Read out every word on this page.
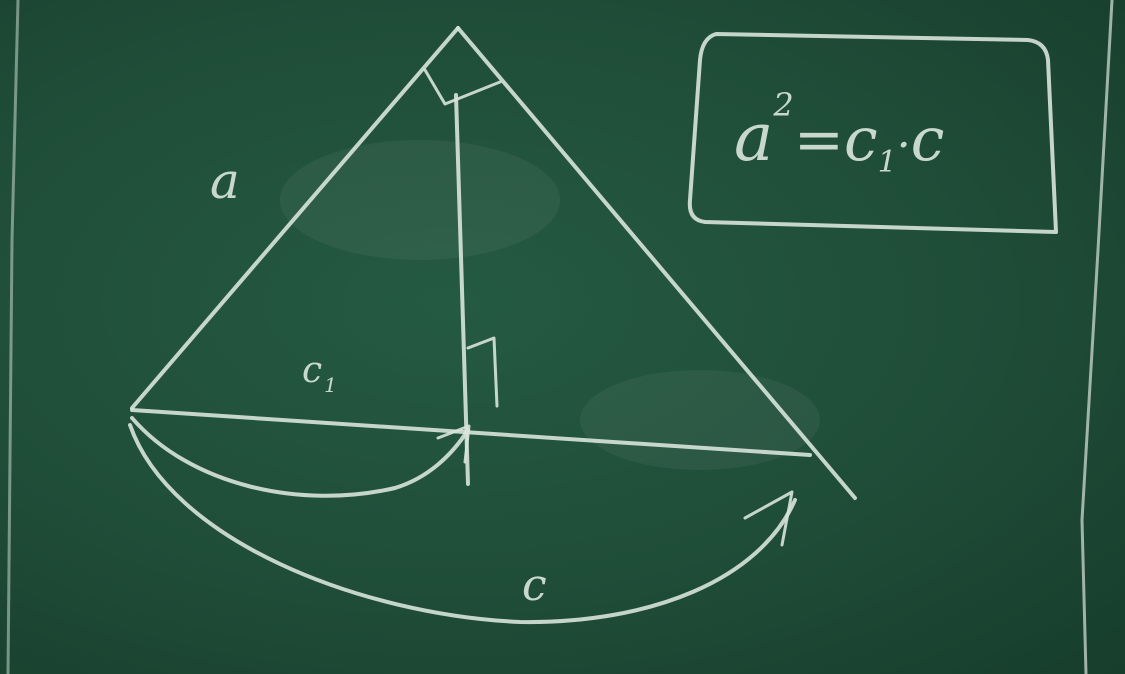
a
c $_1$
c
$a^2=c1\cdot c$
